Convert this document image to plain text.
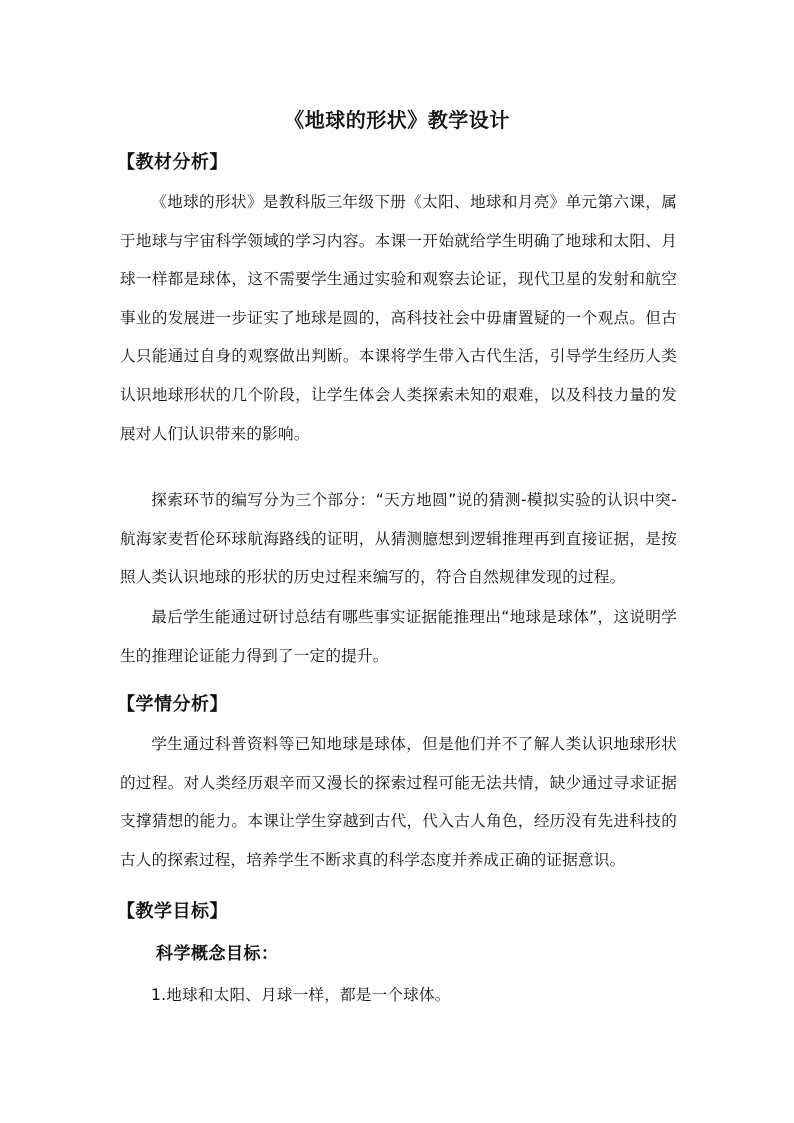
《地球的形状》教学设计
【教材分析】

《地球的形状》是教科版三年级下册《太阳、地球和月亮》单元第六课，属于地球与宇宙科学领域的学习内容。本课一开始就给学生明确了地球和太阳、月球一样都是球体，这不需要学生通过实验和观察去论证，现代卫星的发射和航空事业的发展进一步证实了地球是圆的，高科技社会中毋庸置疑的一个观点。但古人只能通过自身的观察做出判断。本课将学生带入古代生活，引导学生经历人类认识地球形状的几个阶段，让学生体会人类探索未知的艰难，以及科技力量的发展对人们认识带来的影响。

探索环节的编写分为三个部分：“天方地圆”说的猜测-模拟实验的认识中突-航海家麦哲伦环球航海路线的证明，从猜测臆想到逻辑推理再到直接证据，是按照人类认识地球的形状的历史过程来编写的，符合自然规律发现的过程。

最后学生能通过研讨总结有哪些事实证据能推理出“地球是球体”，这说明学生的推理论证能力得到了一定的提升。

【学情分析】

学生通过科普资料等已知地球是球体，但是他们并不了解人类认识地球形状的过程。对人类经历艰辛而又漫长的探索过程可能无法共情，缺少通过寻求证据支撑猜想的能力。本课让学生穿越到古代，代入古人角色，经历没有先进科技的古人的探索过程，培养学生不断求真的科学态度并养成正确的证据意识。

【教学目标】
科学概念目标：
1.地球和太阳、月球一样，都是一个球体。
